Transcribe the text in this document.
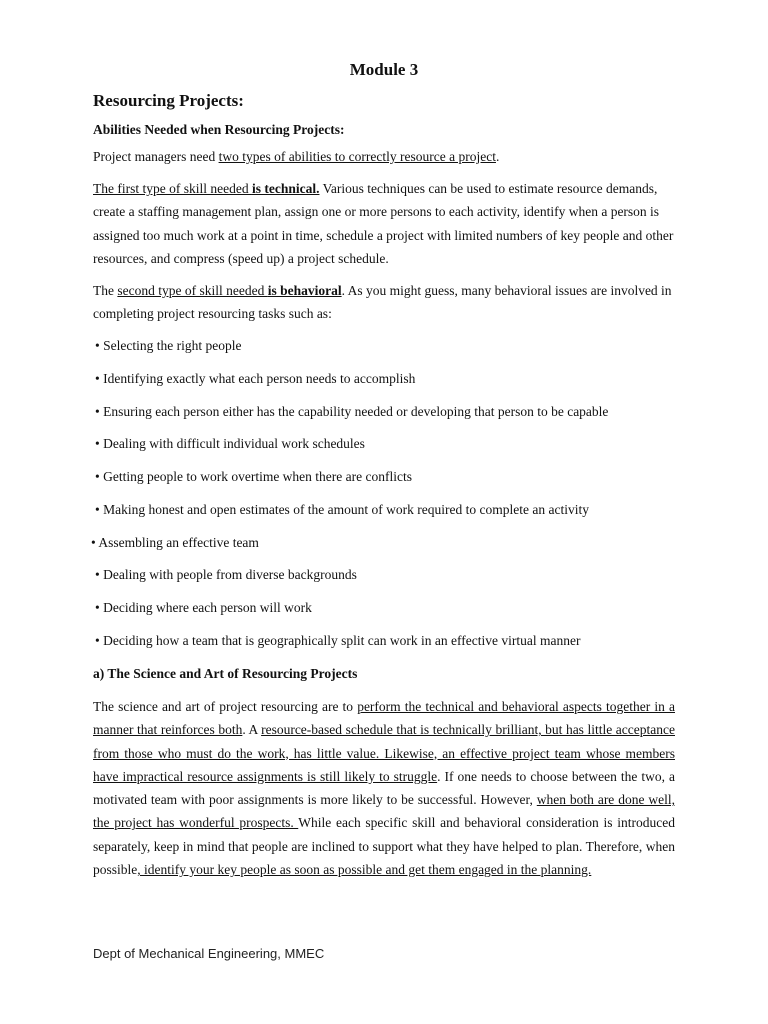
Module 3
Resourcing Projects:

Abilities Needed when Resourcing Projects:

Project managers need two types of abilities to correctly resource a project.

The first type of skill needed is technical. Various techniques can be used to estimate resource demands, create a staffing management plan, assign one or more persons to each activity, identify when a person is assigned too much work at a point in time, schedule a project with limited numbers of key people and other resources, and compress (speed up) a project schedule.

The second type of skill needed is behavioral. As you might guess, many behavioral issues are involved in completing project resourcing tasks such as:

• Selecting the right people

• Identifying exactly what each person needs to accomplish

• Ensuring each person either has the capability needed or developing that person to be capable

• Dealing with difficult individual work schedules

• Getting people to work overtime when there are conflicts

• Making honest and open estimates of the amount of work required to complete an activity

• Assembling an effective team

• Dealing with people from diverse backgrounds

• Deciding where each person will work

• Deciding how a team that is geographically split can work in an effective virtual manner

a) The Science and Art of Resourcing Projects

The science and art of project resourcing are to perform the technical and behavioral aspects together in a manner that reinforces both. A resource-based schedule that is technically brilliant, but has little acceptance from those who must do the work, has little value. Likewise, an effective project team whose members have impractical resource assignments is still likely to struggle. If one needs to choose between the two, a motivated team with poor assignments is more likely to be successful. However, when both are done well, the project has wonderful prospects. While each specific skill and behavioral consideration is introduced separately, keep in mind that people are inclined to support what they have helped to plan. Therefore, when possible, identify your key people as soon as possible and get them engaged in the planning.

Dept of Mechanical Engineering, MMEC
